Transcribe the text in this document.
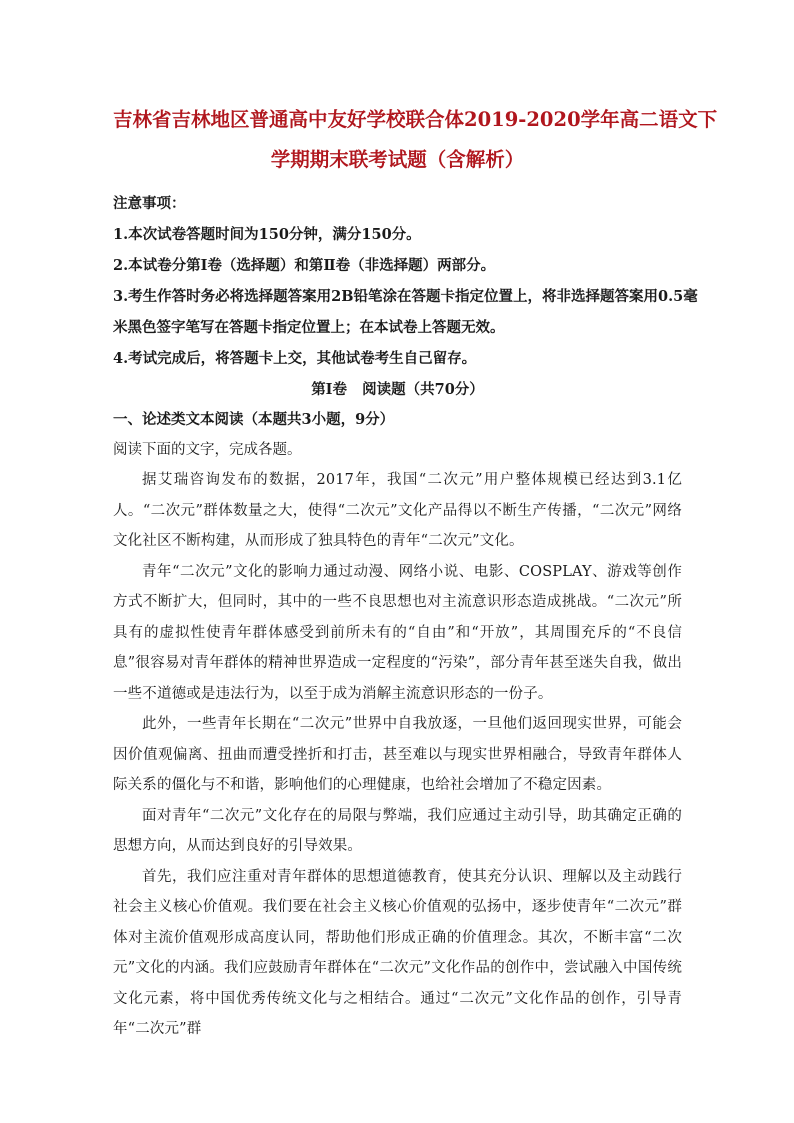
吉林省吉林地区普通高中友好学校联合体2019-2020学年高二语文下
学期期末联考试题（含解析）

注意事项：

1.本次试卷答题时间为150分钟，满分150分。

2.本试卷分第Ⅰ卷（选择题）和第Ⅱ卷（非选择题）两部分。

3.考生作答时务必将选择题答案用2B铅笔涂在答题卡指定位置上，将非选择题答案用0.5毫

米黑色签字笔写在答题卡指定位置上；在本试卷上答题无效。

4.考试完成后，将答题卡上交，其他试卷考生自己留存。

第Ⅰ卷   阅读题（共70分）

一、论述类文本阅读（本题共3小题，9分）

阅读下面的文字，完成各题。

据艾瑞咨询发布的数据，2017年，我国“二次元”用户整体规模已经达到3.1亿人。“二次元”群体数量之大，使得“二次元”文化产品得以不断生产传播，“二次元”网络文化社区不断构建，从而形成了独具特色的青年“二次元”文化。

青年“二次元”文化的影响力通过动漫、网络小说、电影、COSPLAY、游戏等创作方式不断扩大，但同时，其中的一些不良思想也对主流意识形态造成挑战。“二次元”所具有的虚拟性使青年群体感受到前所未有的“自由”和“开放”，其周围充斥的“不良信息”很容易对青年群体的精神世界造成一定程度的“污染”，部分青年甚至迷失自我，做出一些不道德或是违法行为，以至于成为消解主流意识形态的一份子。

此外，一些青年长期在“二次元”世界中自我放逐，一旦他们返回现实世界，可能会因价值观偏离、扭曲而遭受挫折和打击，甚至难以与现实世界相融合，导致青年群体人际关系的僵化与不和谐，影响他们的心理健康，也给社会增加了不稳定因素。

面对青年“二次元”文化存在的局限与弊端，我们应通过主动引导，助其确定正确的思想方向，从而达到良好的引导效果。

首先，我们应注重对青年群体的思想道德教育，使其充分认识、理解以及主动践行社会主义核心价值观。我们要在社会主义核心价值观的弘扬中，逐步使青年“二次元”群体对主流价值观形成高度认同，帮助他们形成正确的价值理念。其次，不断丰富“二次元”文化的内涵。我们应鼓励青年群体在“二次元”文化作品的创作中，尝试融入中国传统文化元素，将中国优秀传统文化与之相结合。通过“二次元”文化作品的创作，引导青年“二次元”群
